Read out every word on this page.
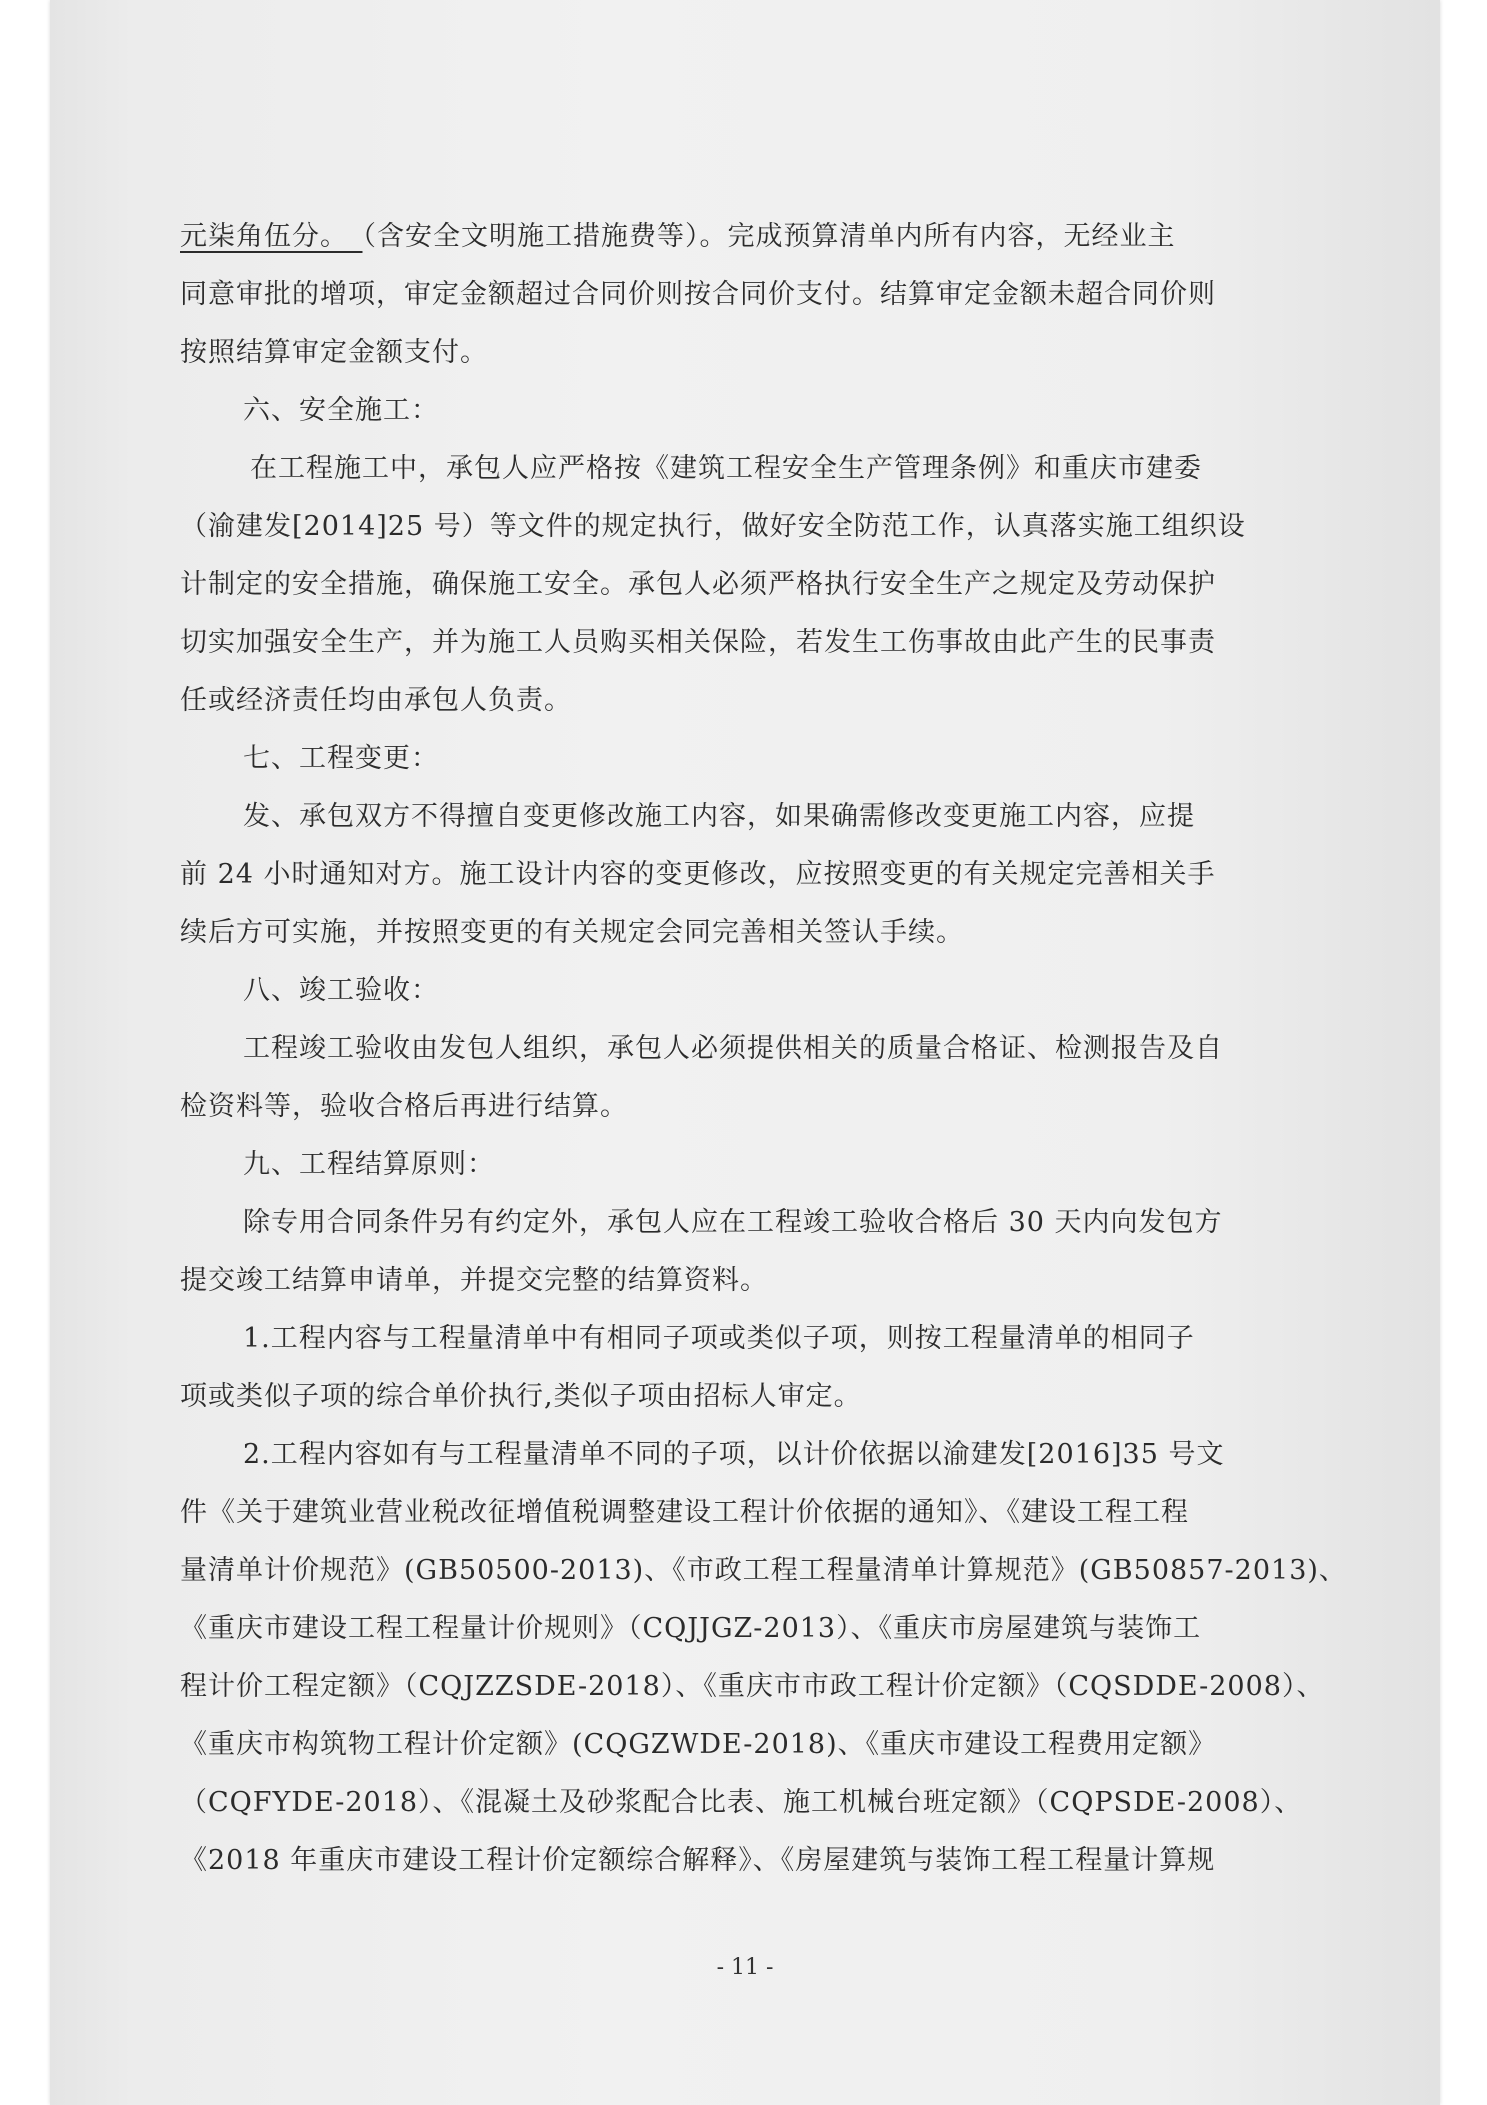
元柒角伍分。　（含安全文明施工措施费等）。完成预算清单内所有内容，无经业主
同意审批的增项，审定金额超过合同价则按合同价支付。结算审定金额未超合同价则
按照结算审定金额支付。
六、安全施工：
在工程施工中，承包人应严格按《建筑工程安全生产管理条例》和重庆市建委
（渝建发[2014]25 号）等文件的规定执行，做好安全防范工作，认真落实施工组织设
计制定的安全措施，确保施工安全。承包人必须严格执行安全生产之规定及劳动保护
切实加强安全生产，并为施工人员购买相关保险，若发生工伤事故由此产生的民事责
任或经济责任均由承包人负责。
七、工程变更：
发、承包双方不得擅自变更修改施工内容，如果确需修改变更施工内容，应提
前 24 小时通知对方。施工设计内容的变更修改，应按照变更的有关规定完善相关手
续后方可实施，并按照变更的有关规定会同完善相关签认手续。
八、竣工验收：
工程竣工验收由发包人组织，承包人必须提供相关的质量合格证、检测报告及自
检资料等，验收合格后再进行结算。
九、工程结算原则：
除专用合同条件另有约定外，承包人应在工程竣工验收合格后 30 天内向发包方
提交竣工结算申请单，并提交完整的结算资料。
1.工程内容与工程量清单中有相同子项或类似子项，则按工程量清单的相同子
项或类似子项的综合单价执行,类似子项由招标人审定。
2.工程内容如有与工程量清单不同的子项，以计价依据以渝建发[2016]35 号文
件《关于建筑业营业税改征增值税调整建设工程计价依据的通知》、《建设工程工程
量清单计价规范》(GB50500-2013)、《市政工程工程量清单计算规范》(GB50857-2013)、
《重庆市建设工程工程量计价规则》（CQJJGZ-2013）、《重庆市房屋建筑与装饰工
程计价工程定额》（CQJZZSDE-2018）、《重庆市市政工程计价定额》（CQSDDE-2008）、
《重庆市构筑物工程计价定额》(CQGZWDE-2018)、《重庆市建设工程费用定额》
（CQFYDE-2018）、《混凝土及砂浆配合比表、施工机械台班定额》（CQPSDE-2008）、
《2018 年重庆市建设工程计价定额综合解释》、《房屋建筑与装饰工程工程量计算规
- 11 -
